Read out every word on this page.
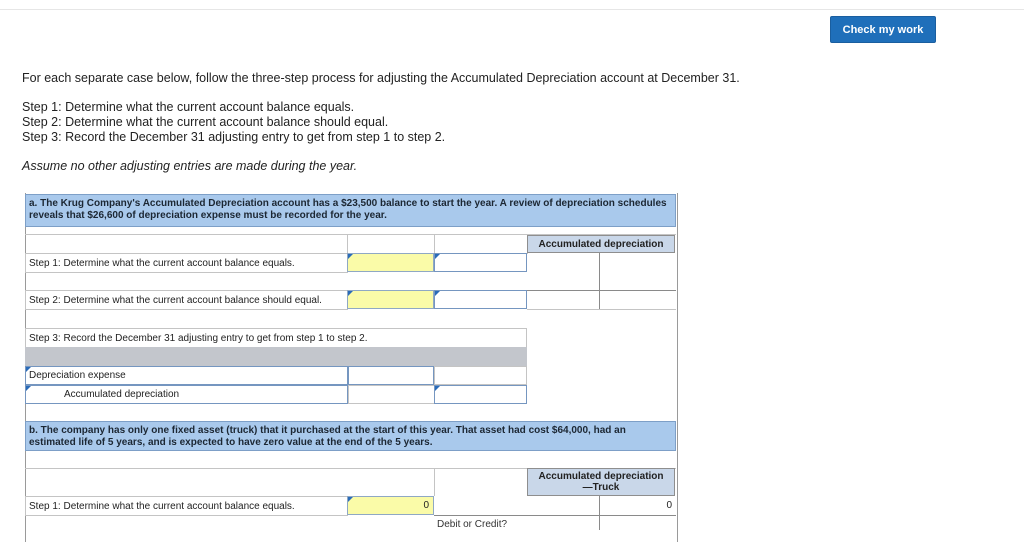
Check my work
For each separate case below, follow the three-step process for adjusting the Accumulated Depreciation account at December 31.
Step 1: Determine what the current account balance equals.
Step 2: Determine what the current account balance should equal.
Step 3: Record the December 31 adjusting entry to get from step 1 to step 2.
Assume no other adjusting entries are made during the year.
a. The Krug Company's Accumulated Depreciation account has a $23,500 balance to start the year. A review of depreciation schedules reveals that $26,600 of depreciation expense must be recorded for the year.
Accumulated depreciation
Step 1: Determine what the current account balance equals.
Step 2: Determine what the current account balance should equal.
Step 3: Record the December 31 adjusting entry to get from step 1 to step 2.
Depreciation expense
Accumulated depreciation
b. The company has only one fixed asset (truck) that it purchased at the start of this year. That asset had cost $64,000, had an estimated life of 5 years, and is expected to have zero value at the end of the 5 years.
Accumulated depreciation
—Truck
Step 1: Determine what the current account balance equals.	0	0
Debit or Credit?
